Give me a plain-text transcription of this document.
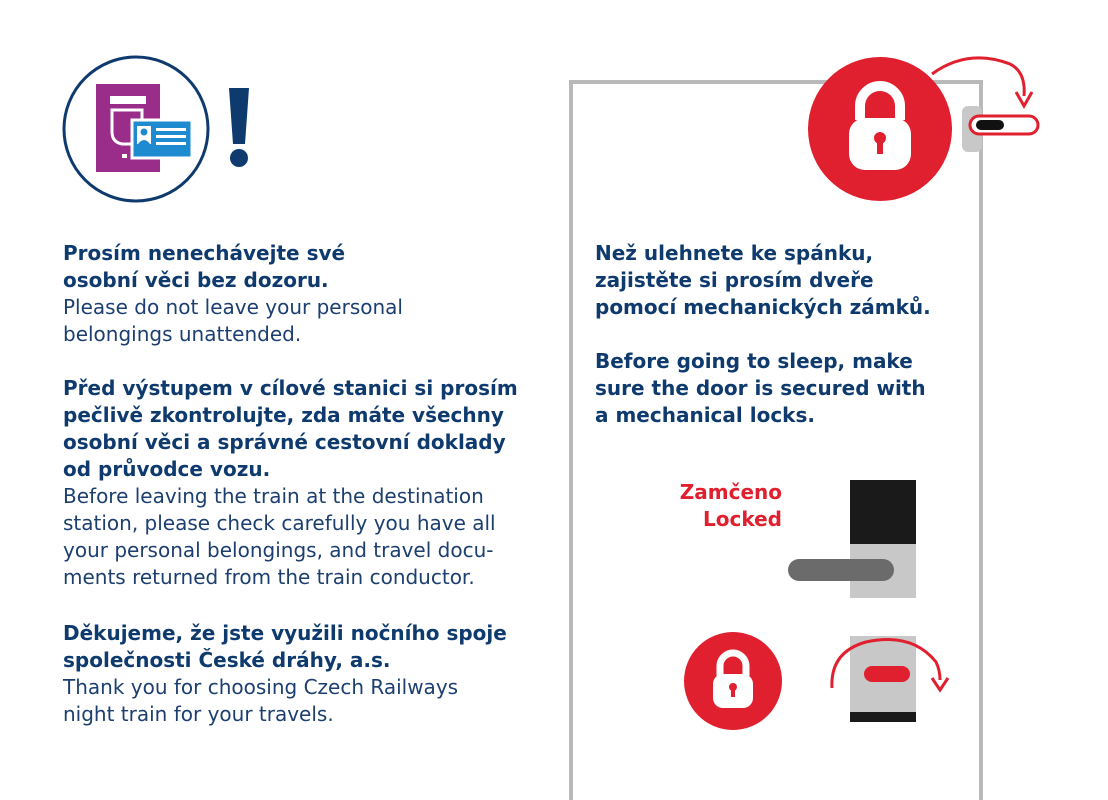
Prosím nenechávejte své
osobní věci bez dozoru.
Please do not leave your personal
belongings unattended.
Před výstupem v cílové stanici si prosím
pečlivě zkontrolujte, zda máte všechny
osobní věci a správné cestovní doklady
od průvodce vozu.
Before leaving the train at the destination
station, please check carefully you have all
your personal belongings, and travel docu-
ments returned from the train conductor.
Děkujeme, že jste využili nočního spoje
společnosti České dráhy, a.s.
Thank you for choosing Czech Railways
night train for your travels.
Než ulehnete ke spánku,
zajistěte si prosím dveře
pomocí mechanických zámků.
Before going to sleep, make
sure the door is secured with
a mechanical locks.
Zamčeno
Locked
